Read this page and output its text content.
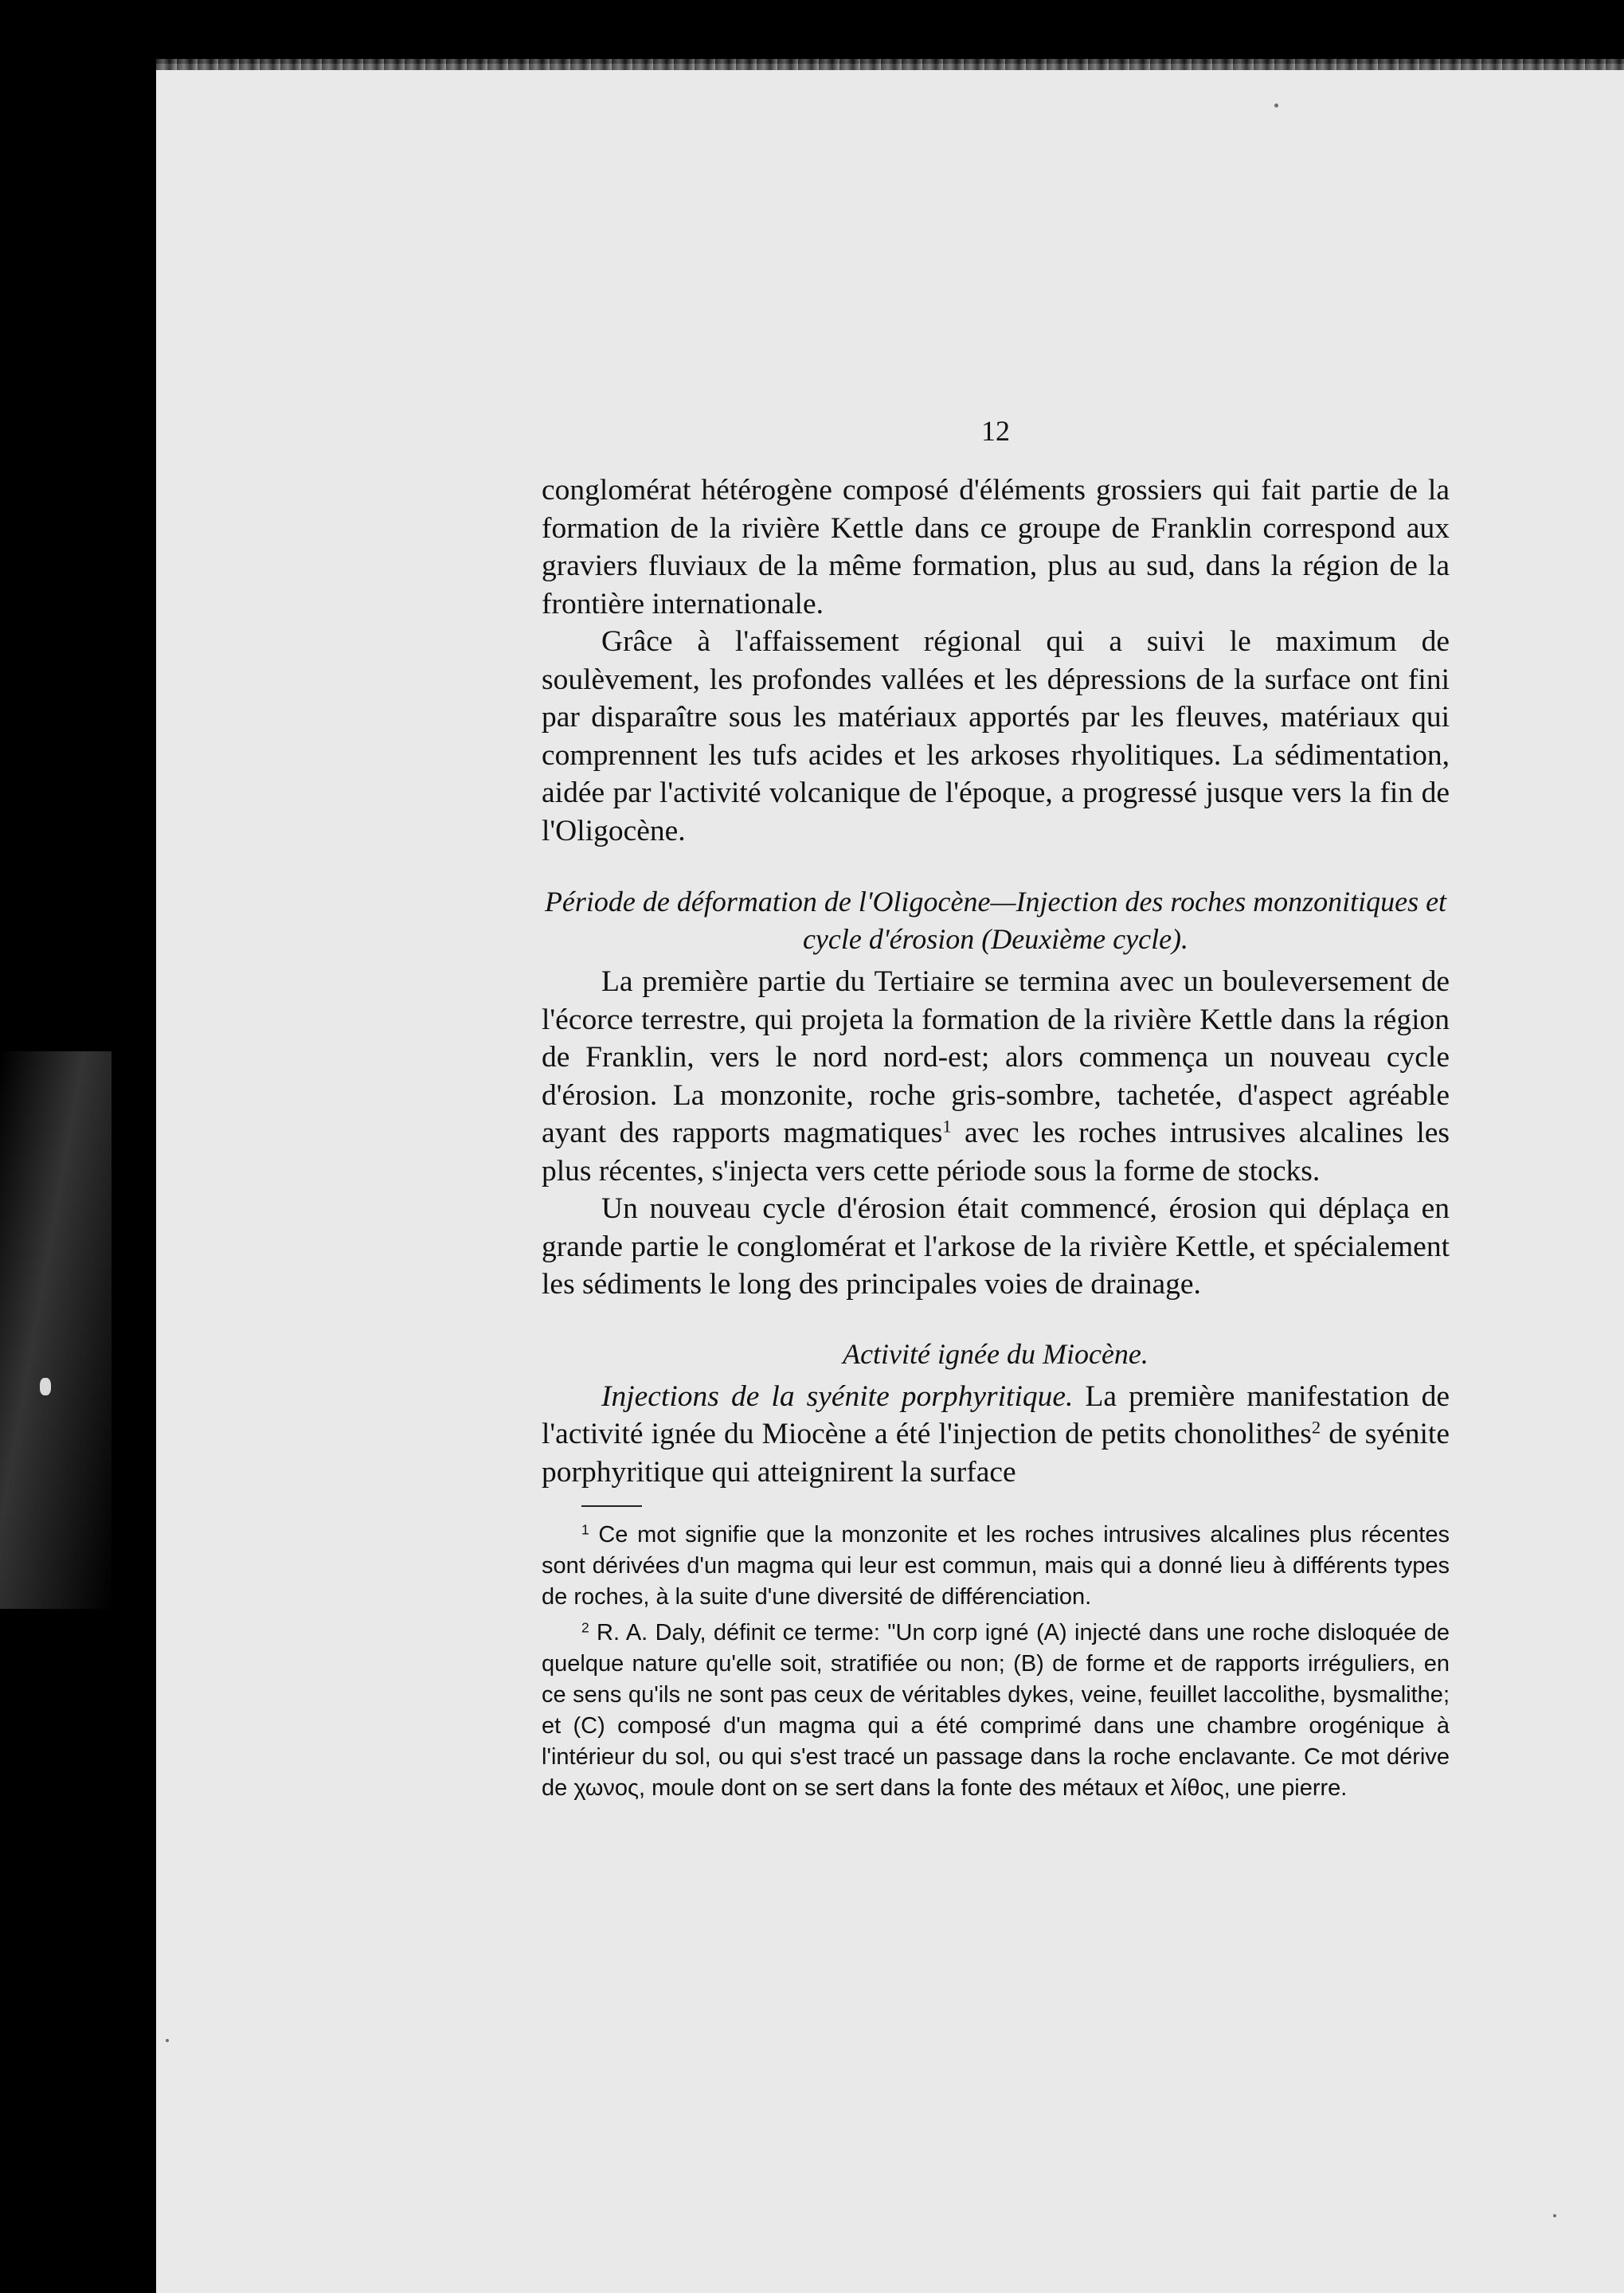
12

conglomérat hétérogène composé d'éléments grossiers qui fait partie de la formation de la rivière Kettle dans ce groupe de Franklin correspond aux graviers fluviaux de la même formation, plus au sud, dans la région de la frontière internationale.

Grâce à l'affaissement régional qui a suivi le maximum de soulèvement, les profondes vallées et les dépressions de la surface ont fini par disparaître sous les matériaux apportés par les fleuves, matériaux qui comprennent les tufs acides et les arkoses rhyolitiques. La sédimentation, aidée par l'activité volcanique de l'époque, a progressé jusque vers la fin de l'Oligocène.

Période de déformation de l'Oligocène—Injection des roches monzonitiques et cycle d'érosion (Deuxième cycle).

La première partie du Tertiaire se termina avec un bouleversement de l'écorce terrestre, qui projeta la formation de la rivière Kettle dans la région de Franklin, vers le nord nord-est; alors commença un nouveau cycle d'érosion. La monzonite, roche gris-sombre, tachetée, d'aspect agréable ayant des rapports magmatiques$^1$ avec les roches intrusives alcalines les plus récentes, s'injecta vers cette période sous la forme de stocks.

Un nouveau cycle d'érosion était commencé, érosion qui déplaça en grande partie le conglomérat et l'arkose de la rivière Kettle, et spécialement les sédiments le long des principales voies de drainage.

Activité ignée du Miocène.

Injections de la syénite porphyritique. La première manifestation de l'activité ignée du Miocène a été l'injection de petits chonolithes$^2$ de syénite porphyritique qui atteignirent la surface

$^1$ Ce mot signifie que la monzonite et les roches intrusives alcalines plus récentes sont dérivées d'un magma qui leur est commun, mais qui a donné lieu à différents types de roches, à la suite d'une diversité de différenciation.

$^2$ R. A. Daly, définit ce terme: "Un corp igné (A) injecté dans une roche disloquée de quelque nature qu'elle soit, stratifiée ou non; (B) de forme et de rapports irréguliers, en ce sens qu'ils ne sont pas ceux de véritables dykes, veine, feuillet laccolithe, bysmalithe; et (C) composé d'un magma qui a été comprimé dans une chambre orogénique à l'intérieur du sol, ou qui s'est tracé un passage dans la roche enclavante. Ce mot dérive de χωνος, moule dont on se sert dans la fonte des métaux et λίθος, une pierre.
